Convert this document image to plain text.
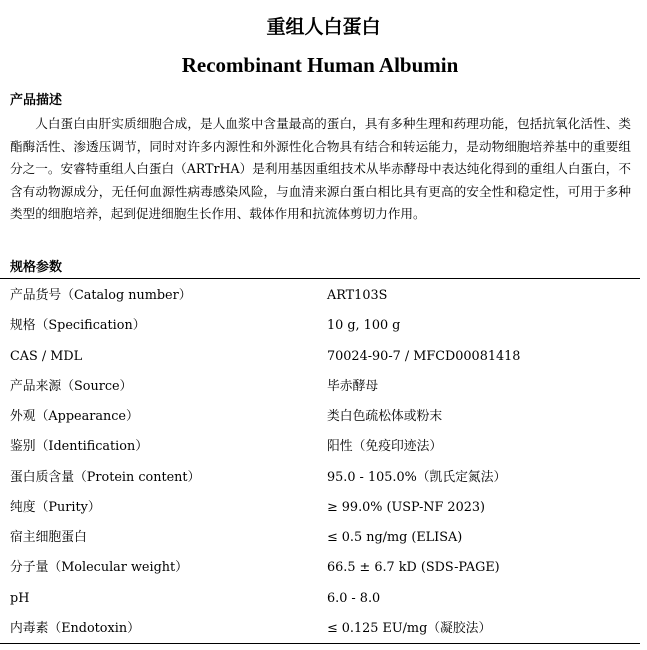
重组人白蛋白
Recombinant Human Albumin
产品描述
人白蛋白由肝实质细胞合成，是人血浆中含量最高的蛋白，具有多种生理和药理功能，包括抗氧化活性、类酯酶活性、渗透压调节，同时对许多内源性和外源性化合物具有结合和转运能力，是动物细胞培养基中的重要组分之一。安睿特重组人白蛋白（ARTrHA）是利用基因重组技术从毕赤酵母中表达纯化得到的重组人白蛋白，不含有动物源成分，无任何血源性病毒感染风险，与血清来源白蛋白相比具有更高的安全性和稳定性，可用于多种类型的细胞培养，起到促进细胞生长作用、载体作用和抗流体剪切力作用。
规格参数
产品货号（Catalog number）	ART103S
规格（Specification）	10 g, 100 g
CAS / MDL	70024-90-7 / MFCD00081418
产品来源（Source）	毕赤酵母
外观（Appearance）	类白色疏松体或粉末
鉴别（Identification）	阳性（免疫印迹法）
蛋白质含量（Protein content）	95.0 - 105.0%（凯氏定氮法）
纯度（Purity）	≥ 99.0% (USP-NF 2023)
宿主细胞蛋白	≤ 0.5 ng/mg (ELISA)
分子量（Molecular weight）	66.5 ± 6.7 kD (SDS-PAGE)
pH	6.0 - 8.0
内毒素（Endotoxin）	≤ 0.125 EU/mg（凝胶法）
